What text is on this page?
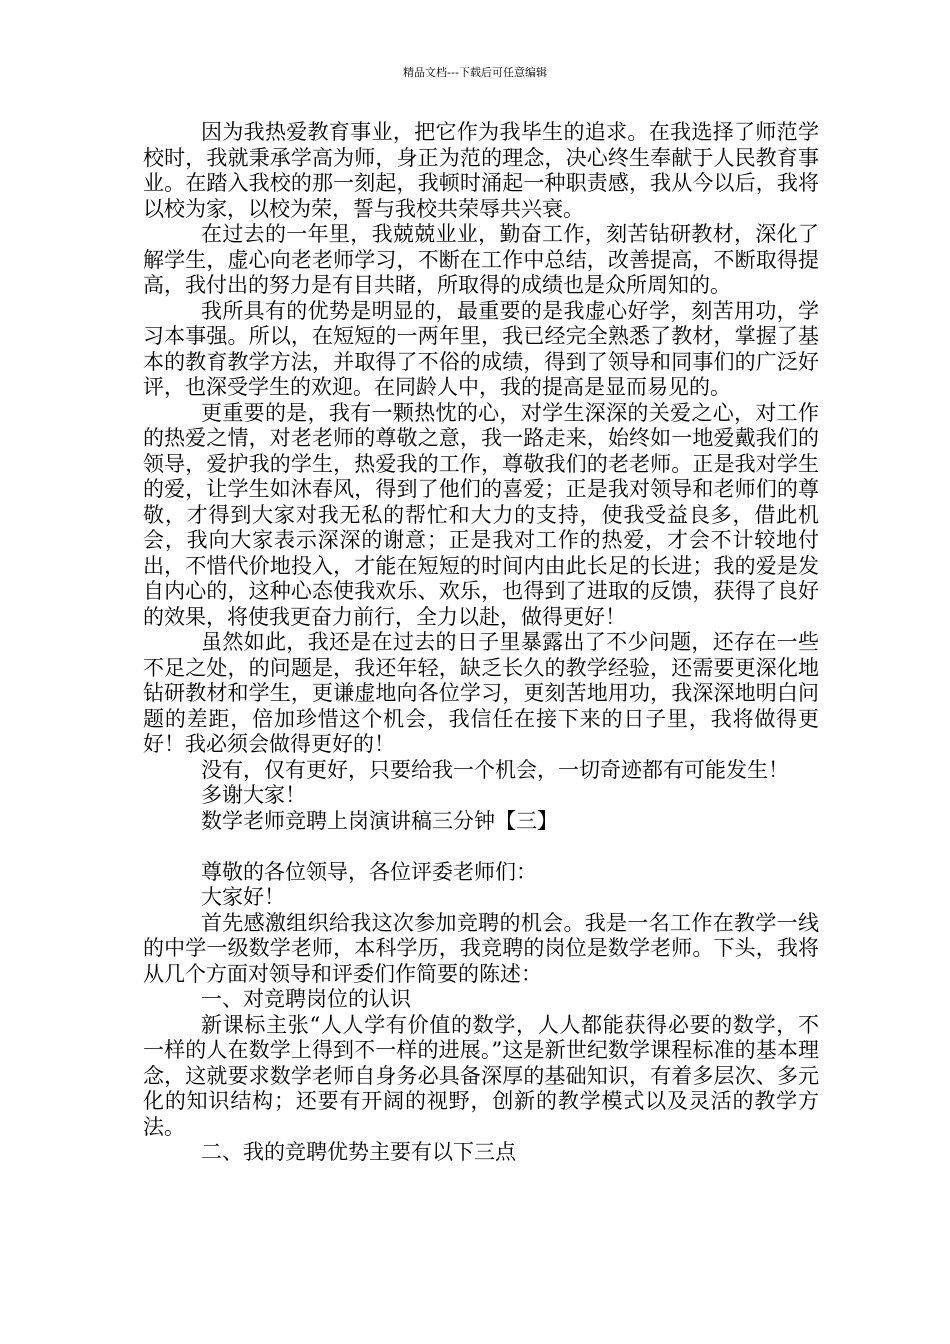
精品文档---下载后可任意编辑

因为我热爱教育事业，把它作为我毕生的追求。在我选择了师范学校时，我就秉承学高为师，身正为范的理念，决心终生奉献于人民教育事业。在踏入我校的那一刻起，我顿时涌起一种职责感，我从今以后，我将以校为家，以校为荣，誓与我校共荣辱共兴衰。

在过去的一年里，我兢兢业业，勤奋工作，刻苦钻研教材，深化了解学生，虚心向老老师学习，不断在工作中总结，改善提高，不断取得提高，我付出的努力是有目共睹，所取得的成绩也是众所周知的。

我所具有的优势是明显的，最重要的是我虚心好学，刻苦用功，学习本事强。所以，在短短的一两年里，我已经完全熟悉了教材，掌握了基本的教育教学方法，并取得了不俗的成绩，得到了领导和同事们的广泛好评，也深受学生的欢迎。在同龄人中，我的提高是显而易见的。

更重要的是，我有一颗热忱的心，对学生深深的关爱之心，对工作的热爱之情，对老老师的尊敬之意，我一路走来，始终如一地爱戴我们的领导，爱护我的学生，热爱我的工作，尊敬我们的老老师。正是我对学生的爱，让学生如沐春风，得到了他们的喜爱；正是我对领导和老师们的尊敬，才得到大家对我无私的帮忙和大力的支持，使我受益良多，借此机会，我向大家表示深深的谢意；正是我对工作的热爱，才会不计较地付出，不惜代价地投入，才能在短短的时间内由此长足的长进；我的爱是发自内心的，这种心态使我欢乐、欢乐，也得到了进取的反馈，获得了良好的效果，将使我更奋力前行，全力以赴，做得更好！

虽然如此，我还是在过去的日子里暴露出了不少问题，还存在一些不足之处，的问题是，我还年轻，缺乏长久的教学经验，还需要更深化地钻研教材和学生，更谦虚地向各位学习，更刻苦地用功，我深深地明白问题的差距，倍加珍惜这个机会，我信任在接下来的日子里，我将做得更好！我必须会做得更好的！

没有，仅有更好，只要给我一个机会，一切奇迹都有可能发生！

多谢大家！

数学老师竞聘上岗演讲稿三分钟【三】

尊敬的各位领导，各位评委老师们：

大家好！

首先感激组织给我这次参加竞聘的机会。我是一名工作在教学一线的中学一级数学老师，本科学历，我竞聘的岗位是数学老师。下头，我将从几个方面对领导和评委们作简要的陈述：

一、对竞聘岗位的认识

新课标主张“人人学有价值的数学，人人都能获得必要的数学，不一样的人在数学上得到不一样的进展。”这是新世纪数学课程标准的基本理念，这就要求数学老师自身务必具备深厚的基础知识，有着多层次、多元化的知识结构；还要有开阔的视野，创新的教学模式以及灵活的教学方法。

二、我的竞聘优势主要有以下三点
